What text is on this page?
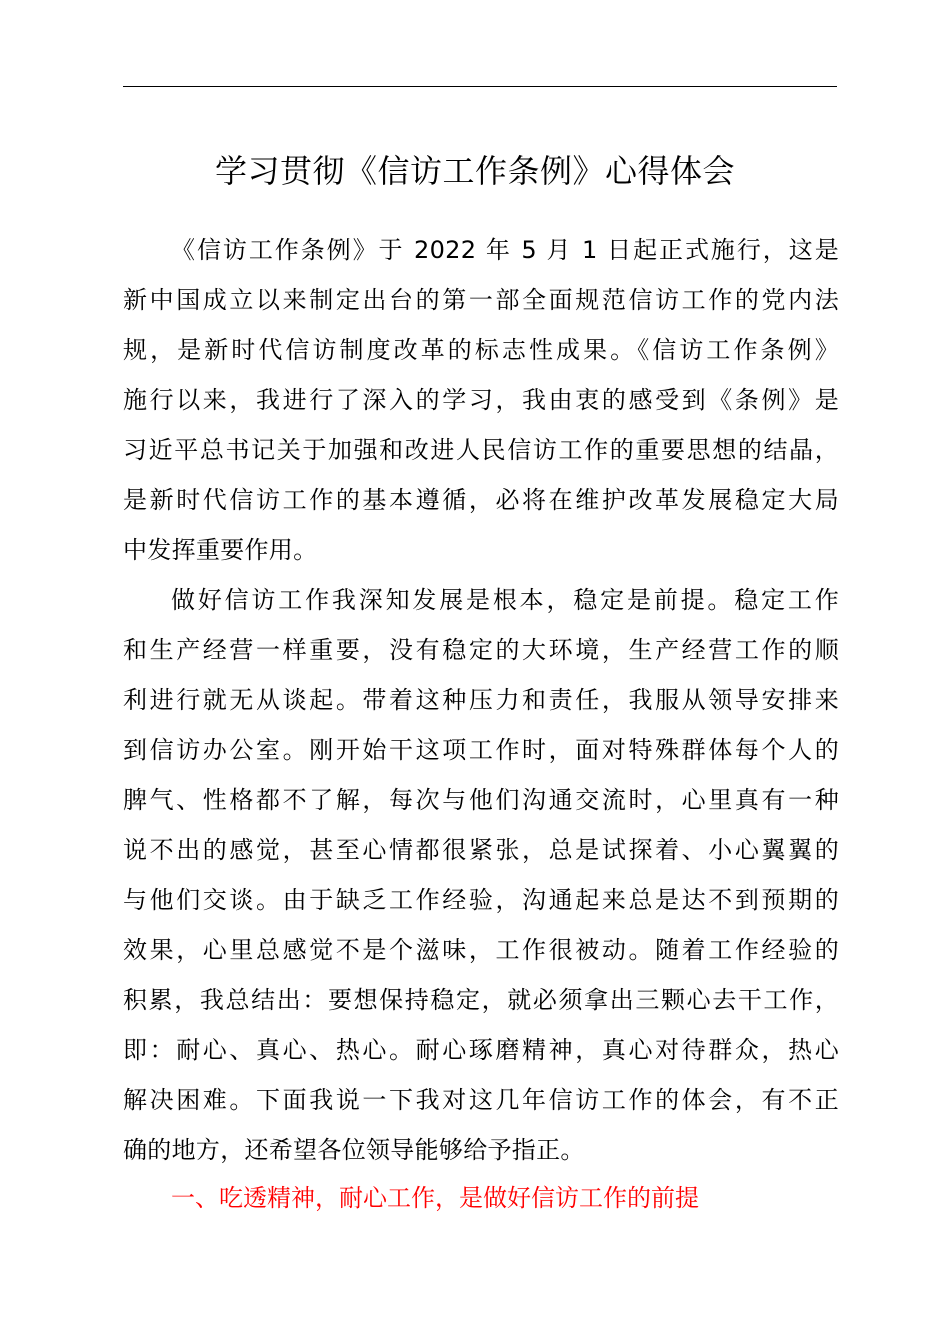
学习贯彻《信访工作条例》心得体会
《信访工作条例》于 2022 年 5 月 1 日起正式施行，这是
新中国成立以来制定出台的第一部全面规范信访工作的党内法
规，是新时代信访制度改革的标志性成果。《信访工作条例》
施行以来，我进行了深入的学习，我由衷的感受到《条例》是
习近平总书记关于加强和改进人民信访工作的重要思想的结晶，
是新时代信访工作的基本遵循，必将在维护改革发展稳定大局
中发挥重要作用。
做好信访工作我深知发展是根本，稳定是前提。稳定工作
和生产经营一样重要，没有稳定的大环境，生产经营工作的顺
利进行就无从谈起。带着这种压力和责任，我服从领导安排来
到信访办公室。刚开始干这项工作时，面对特殊群体每个人的
脾气、性格都不了解，每次与他们沟通交流时，心里真有一种
说不出的感觉，甚至心情都很紧张，总是试探着、小心翼翼的
与他们交谈。由于缺乏工作经验，沟通起来总是达不到预期的
效果，心里总感觉不是个滋味，工作很被动。随着工作经验的
积累，我总结出：要想保持稳定，就必须拿出三颗心去干工作，
即：耐心、真心、热心。耐心琢磨精神，真心对待群众，热心
解决困难。下面我说一下我对这几年信访工作的体会，有不正
确的地方，还希望各位领导能够给予指正。
一、吃透精神，耐心工作，是做好信访工作的前提
